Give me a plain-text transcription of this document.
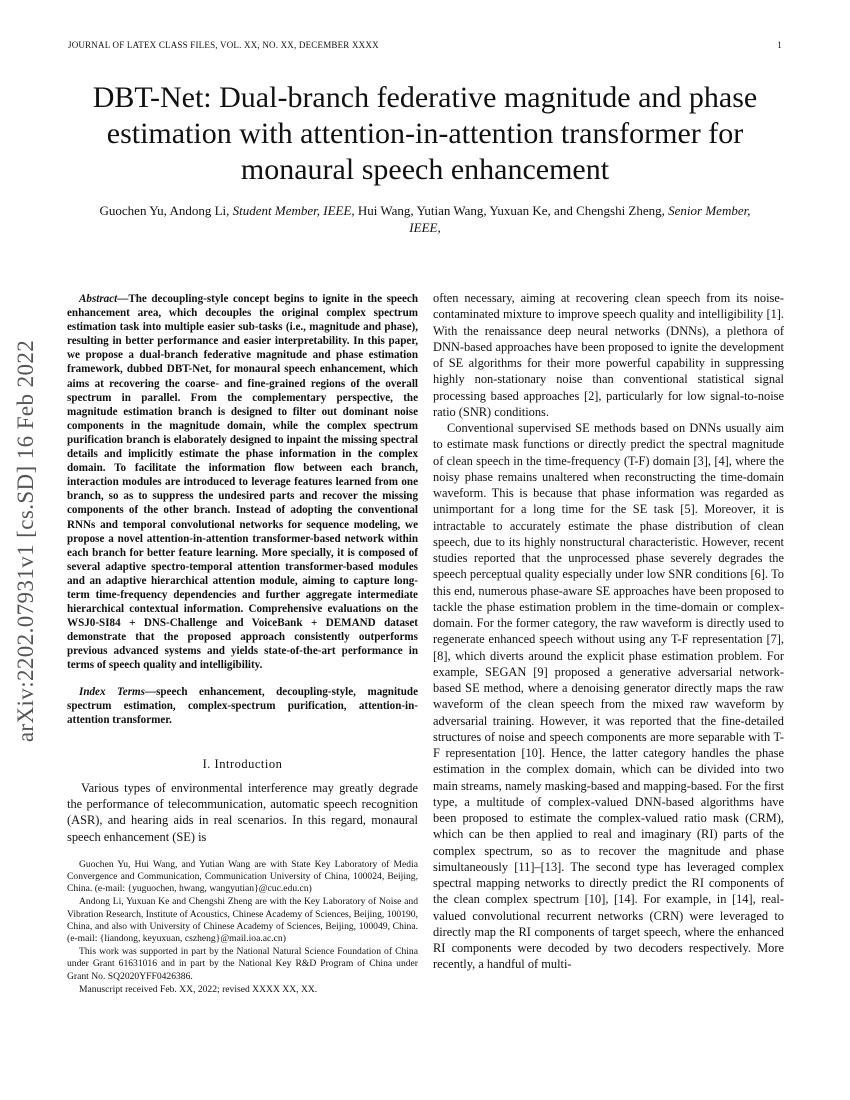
JOURNAL OF LATEX CLASS FILES, VOL. XX, NO. XX, DECEMBER XXXX	1
arXiv:2202.07931v1 [cs.SD] 16 Feb 2022
DBT-Net: Dual-branch federative magnitude and phase estimation with attention-in-attention transformer for monaural speech enhancement
Guochen Yu, Andong Li, Student Member, IEEE, Hui Wang, Yutian Wang, Yuxuan Ke, and Chengshi Zheng, Senior Member, IEEE,

Abstract—The decoupling-style concept begins to ignite in the speech enhancement area, which decouples the original complex spectrum estimation task into multiple easier sub-tasks (i.e., magnitude and phase), resulting in better performance and easier interpretability. In this paper, we propose a dual-branch federative magnitude and phase estimation framework, dubbed DBT-Net, for monaural speech enhancement, which aims at recovering the coarse- and fine-grained regions of the overall spectrum in parallel. From the complementary perspective, the magnitude estimation branch is designed to filter out dominant noise components in the magnitude domain, while the complex spectrum purification branch is elaborately designed to inpaint the missing spectral details and implicitly estimate the phase information in the complex domain. To facilitate the information flow between each branch, interaction modules are introduced to leverage features learned from one branch, so as to suppress the undesired parts and recover the missing components of the other branch. Instead of adopting the conventional RNNs and temporal convolutional networks for sequence modeling, we propose a novel attention-in-attention transformer-based network within each branch for better feature learning. More specially, it is composed of several adaptive spectro-temporal attention transformer-based modules and an adaptive hierarchical attention module, aiming to capture long-term time-frequency dependencies and further aggregate intermediate hierarchical contextual information. Comprehensive evaluations on the WSJ0-SI84 + DNS-Challenge and VoiceBank + DEMAND dataset demonstrate that the proposed approach consistently outperforms previous advanced systems and yields state-of-the-art performance in terms of speech quality and intelligibility.

Index Terms—speech enhancement, decoupling-style, magnitude spectrum estimation, complex-spectrum purification, attention-in-attention transformer.

I. Introduction

Various types of environmental interference may greatly degrade the performance of telecommunication, automatic speech recognition (ASR), and hearing aids in real scenarios. In this regard, monaural speech enhancement (SE) is

Guochen Yu, Hui Wang, and Yutian Wang are with State Key Laboratory of Media Convergence and Communication, Communication University of China, 100024, Beijing, China. (e-mail: {yuguochen, hwang, wangyutian}@cuc.edu.cn)

Andong Li, Yuxuan Ke and Chengshi Zheng are with the Key Laboratory of Noise and Vibration Research, Institute of Acoustics, Chinese Academy of Sciences, Beijing, 100190, China, and also with University of Chinese Academy of Sciences, Beijing, 100049, China. (e-mail: {liandong, keyuxuan, cszheng}@mail.ioa.ac.cn)

This work was supported in part by the National Natural Science Foundation of China under Grant 61631016 and in part by the National Key R&D Program of China under Grant No. SQ2020YFF0426386.

Manuscript received Feb. XX, 2022; revised XXXX XX, XX.

often necessary, aiming at recovering clean speech from its noise-contaminated mixture to improve speech quality and intelligibility [1]. With the renaissance deep neural networks (DNNs), a plethora of DNN-based approaches have been proposed to ignite the development of SE algorithms for their more powerful capability in suppressing highly non-stationary noise than conventional statistical signal processing based approaches [2], particularly for low signal-to-noise ratio (SNR) conditions.

Conventional supervised SE methods based on DNNs usually aim to estimate mask functions or directly predict the spectral magnitude of clean speech in the time-frequency (T-F) domain [3], [4], where the noisy phase remains unaltered when reconstructing the time-domain waveform. This is because that phase information was regarded as unimportant for a long time for the SE task [5]. Moreover, it is intractable to accurately estimate the phase distribution of clean speech, due to its highly nonstructural characteristic. However, recent studies reported that the unprocessed phase severely degrades the speech perceptual quality especially under low SNR conditions [6]. To this end, numerous phase-aware SE approaches have been proposed to tackle the phase estimation problem in the time-domain or complex-domain. For the former category, the raw waveform is directly used to regenerate enhanced speech without using any T-F representation [7], [8], which diverts around the explicit phase estimation problem. For example, SEGAN [9] proposed a generative adversarial network-based SE method, where a denoising generator directly maps the raw waveform of the clean speech from the mixed raw waveform by adversarial training. However, it was reported that the fine-detailed structures of noise and speech components are more separable with T-F representation [10]. Hence, the latter category handles the phase estimation in the complex domain, which can be divided into two main streams, namely masking-based and mapping-based. For the first type, a multitude of complex-valued DNN-based algorithms have been proposed to estimate the complex-valued ratio mask (CRM), which can be then applied to real and imaginary (RI) parts of the complex spectrum, so as to recover the magnitude and phase simultaneously [11]–[13]. The second type has leveraged complex spectral mapping networks to directly predict the RI components of the clean complex spectrum [10], [14]. For example, in [14], real-valued convolutional recurrent networks (CRN) were leveraged to directly map the RI components of target speech, where the enhanced RI components were decoded by two decoders respectively. More recently, a handful of multi-
